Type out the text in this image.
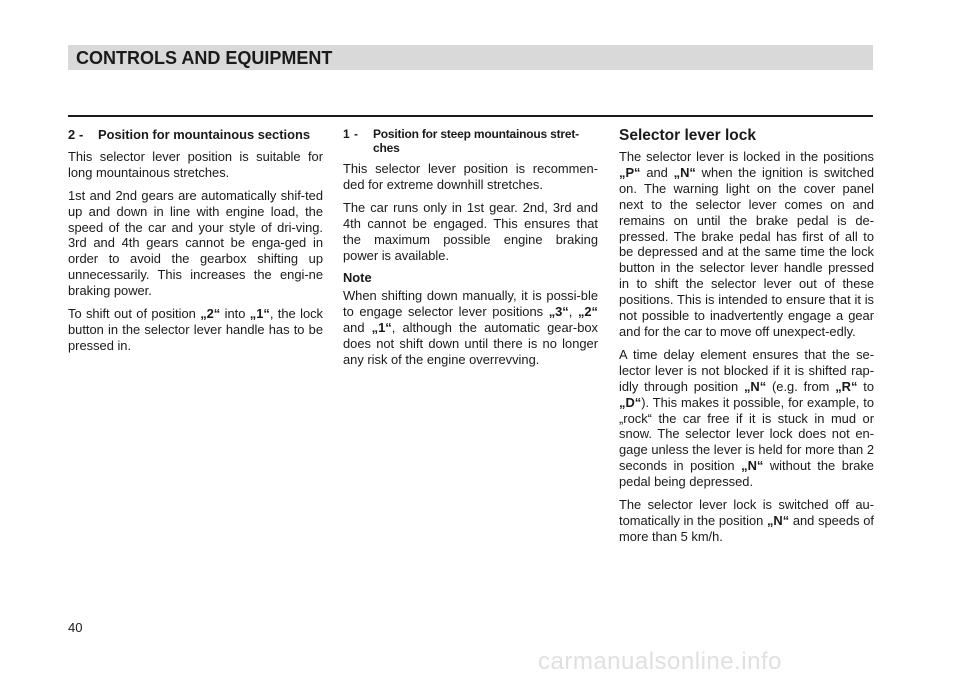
CONTROLS AND EQUIPMENT
2 -	Position for mountainous sections

This selector lever position is suitable for long mountainous stretches.

1st and 2nd gears are automatically shif-ted up and down in line with engine load, the speed of the car and your style of dri-ving. 3rd and 4th gears cannot be enga-ged in order to avoid the gearbox shifting up unnecessarily. This increases the engi-ne braking power.

To shift out of position „2“ into „1“, the lock button in the selector lever handle has to be pressed in.

1 -	Position for steep mountainous stret-ches

This selector lever position is recommen-ded for extreme downhill stretches.

The car runs only in 1st gear. 2nd, 3rd and 4th cannot be engaged. This ensures that the maximum possible engine braking power is available.

Note

When shifting down manually, it is possi-ble to engage selector lever positions „3“, „2“ and „1“, although the automatic gear-box does not shift down until there is no longer any risk of the engine overrevving.

Selector lever lock

The selector lever is locked in the positions „P“ and „N“ when the ignition is switched on. The warning light on the cover panel next to the selector lever comes on and remains on until the brake pedal is de-pressed. The brake pedal has first of all to be depressed and at the same time the lock button in the selector lever handle pressed in to shift the selector lever out of these positions. This is intended to ensure that it is not possible to inadvertently engage a gear and for the car to move off unexpect-edly.

A time delay element ensures that the se-lector lever is not blocked if it is shifted rap-idly through position „N“ (e.g. from „R“ to „D“). This makes it possible, for example, to „rock“ the car free if it is stuck in mud or snow. The selector lever lock does not en-gage unless the lever is held for more than 2 seconds in position „N“ without the brake pedal being depressed.

The selector lever lock is switched off au-tomatically in the position „N“ and speeds of more than 5 km/h.

40
carmanualsonline.info
